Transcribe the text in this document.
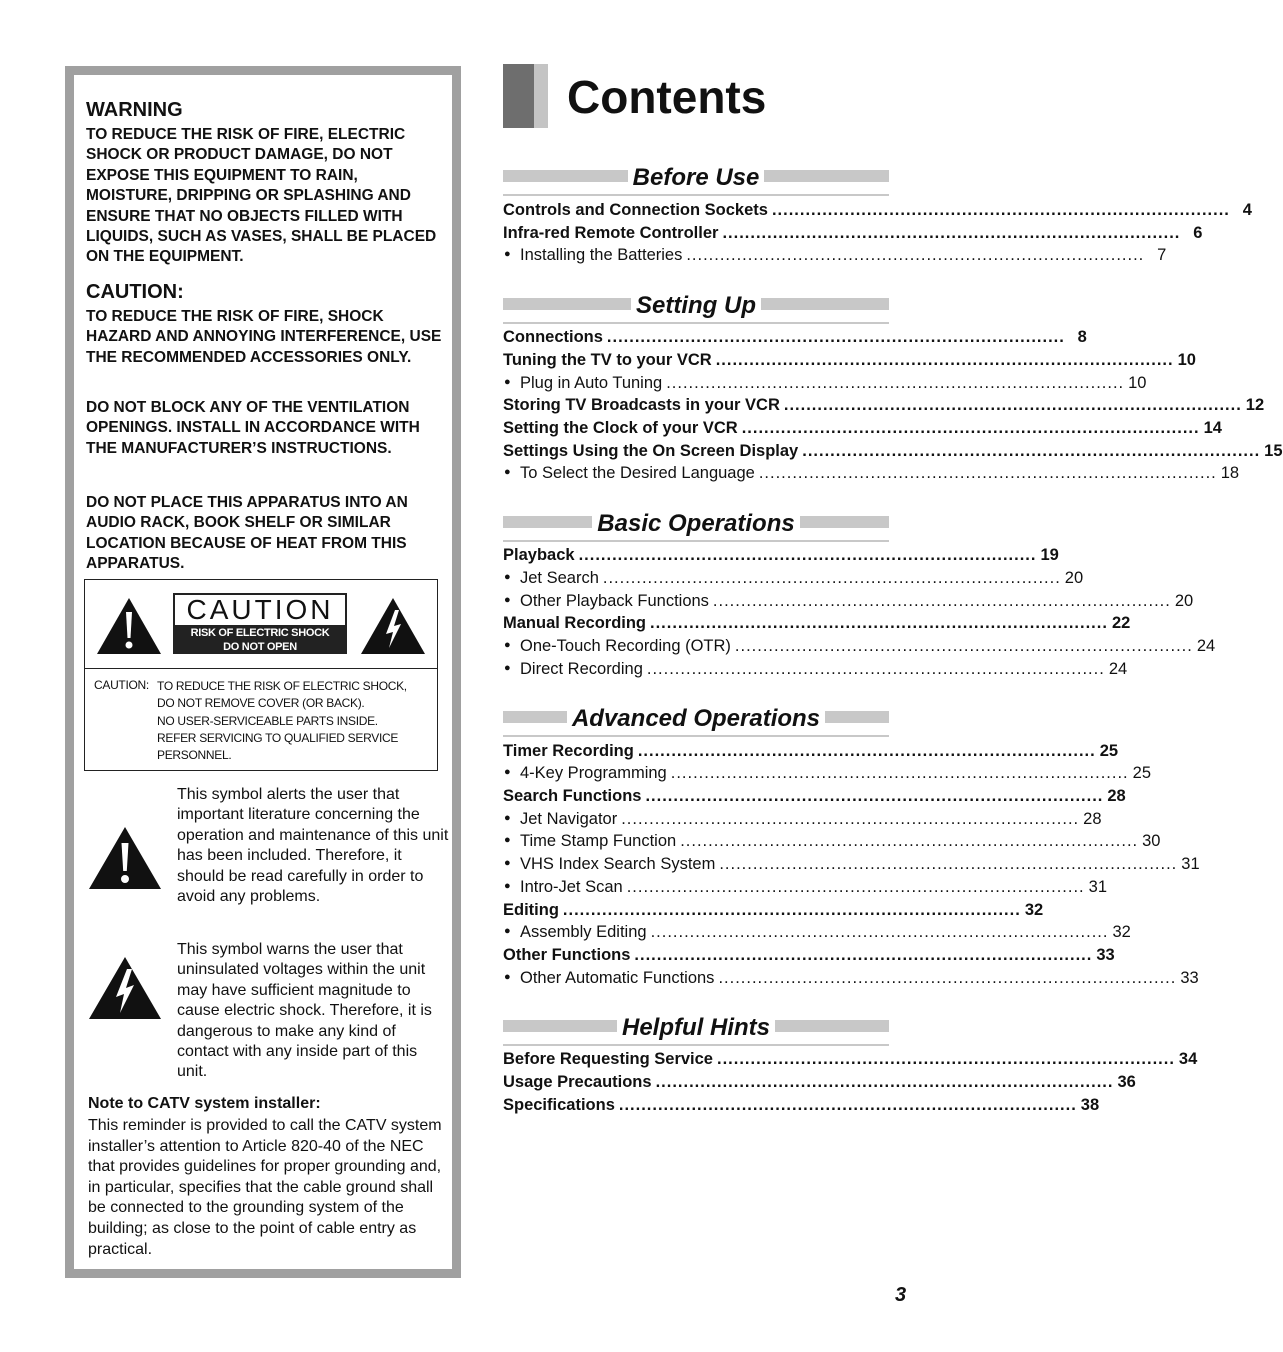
WARNING
TO REDUCE THE RISK OF FIRE, ELECTRIC SHOCK OR PRODUCT DAMAGE, DO NOT EXPOSE THIS EQUIPMENT TO RAIN, MOISTURE, DRIPPING OR SPLASHING AND ENSURE THAT NO OBJECTS FILLED WITH LIQUIDS, SUCH AS VASES, SHALL BE PLACED ON THE EQUIPMENT.
CAUTION:
TO REDUCE THE RISK OF FIRE, SHOCK HAZARD AND ANNOYING INTERFERENCE, USE THE RECOMMENDED ACCESSORIES ONLY.
DO NOT BLOCK ANY OF THE VENTILATION OPENINGS. INSTALL IN ACCORDANCE WITH THE MANUFACTURER’S INSTRUCTIONS.
DO NOT PLACE THIS APPARATUS INTO AN AUDIO RACK, BOOK SHELF OR SIMILAR LOCATION BECAUSE OF HEAT FROM THIS APPARATUS.
CAUTION
RISK OF ELECTRIC SHOCK
DO NOT OPEN
CAUTION: TO REDUCE THE RISK OF ELECTRIC SHOCK,
DO NOT REMOVE COVER (OR BACK).
NO USER-SERVICEABLE PARTS INSIDE.
REFER SERVICING TO QUALIFIED SERVICE
PERSONNEL.
This symbol alerts the user that important literature concerning the operation and maintenance of this unit has been included. Therefore, it should be read carefully in order to avoid any problems.
This symbol warns the user that uninsulated voltages within the unit may have sufficient magnitude to cause electric shock. Therefore, it is dangerous to make any kind of contact with any inside part of this unit.
Note to CATV system installer:
This reminder is provided to call the CATV system installer’s attention to Article 820-40 of the NEC that provides guidelines for proper grounding and, in particular, specifies that the cable ground shall be connected to the grounding system of the building; as close to the point of cable entry as practical.
Contents
Before Use
Controls and Connection Sockets .................................................................................. 4
Infra-red Remote Controller .................................................................................. 6
● Installing the Batteries .................................................................................. 7
Setting Up
Connections .................................................................................. 8
Tuning the TV to your VCR .................................................................................. 10
● Plug in Auto Tuning .................................................................................. 10
Storing TV Broadcasts in your VCR .................................................................................. 12
Setting the Clock of your VCR .................................................................................. 14
Settings Using the On Screen Display .................................................................................. 15
● To Select the Desired Language .................................................................................. 18
Basic Operations
Playback .................................................................................. 19
● Jet Search .................................................................................. 20
● Other Playback Functions .................................................................................. 20
Manual Recording .................................................................................. 22
● One-Touch Recording (OTR) .................................................................................. 24
● Direct Recording .................................................................................. 24
Advanced Operations
Timer Recording .................................................................................. 25
● 4-Key Programming .................................................................................. 25
Search Functions .................................................................................. 28
● Jet Navigator .................................................................................. 28
● Time Stamp Function .................................................................................. 30
● VHS Index Search System .................................................................................. 31
● Intro-Jet Scan .................................................................................. 31
Editing .................................................................................. 32
● Assembly Editing .................................................................................. 32
Other Functions .................................................................................. 33
● Other Automatic Functions .................................................................................. 33
Helpful Hints
Before Requesting Service .................................................................................. 34
Usage Precautions .................................................................................. 36
Specifications .................................................................................. 38
3
